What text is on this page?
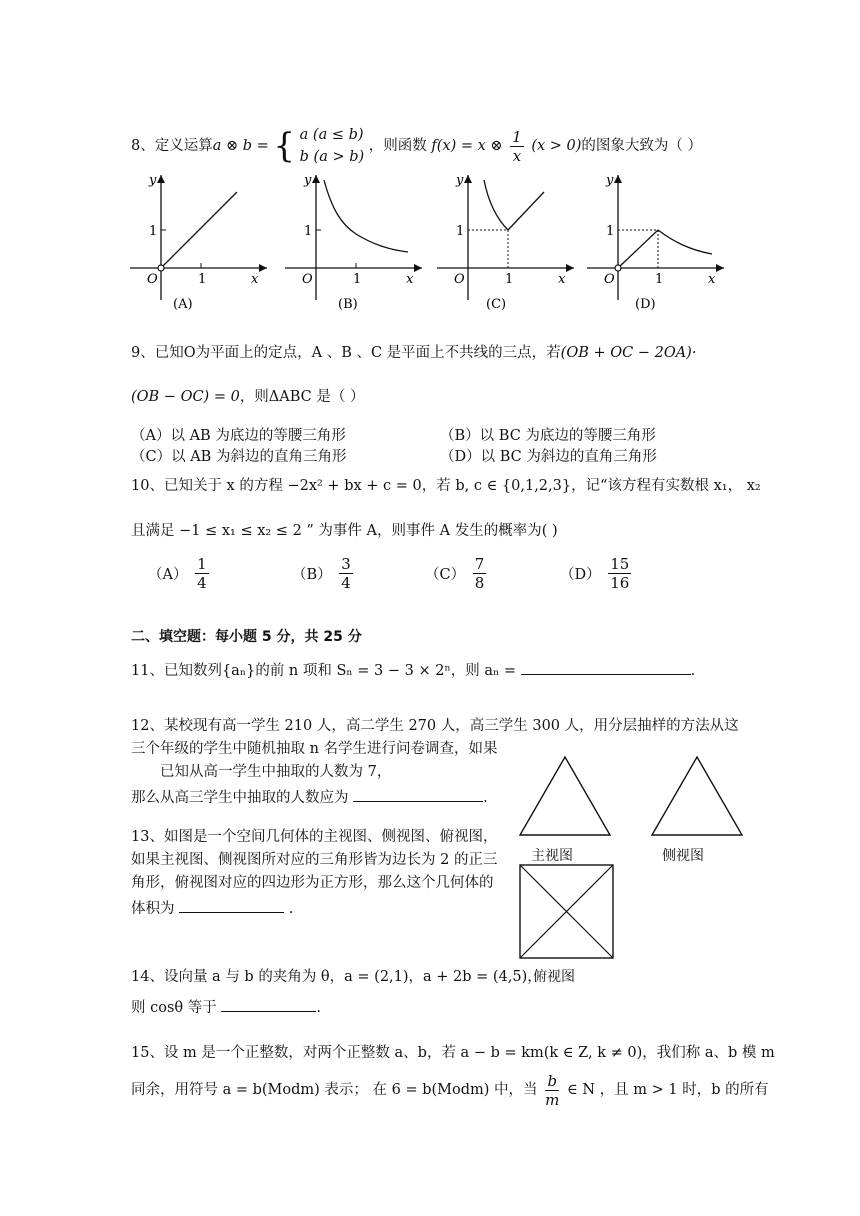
8、定义运算a ⊗ b = { a (a ≤ b)
b (a > b)
，则函数 f(x) = x ⊗ $\frac{1}{x} (x > 0)$的图象大致为（ ）
y
x
O	1
1
(A)
y
x
O	1
1
(B)
y
x
O	1
1
(C)
y
x
O	1
1
(D)
9、已知O为平面上的定点，A 、B 、C 是平面上不共线的三点，若(OB + OC − 2OA)·
(OB − OC) = 0，则ΔABC 是（ ）
（A）以 AB 为底边的等腰三角形	（B）以 BC 为底边的等腰三角形
（C）以 AB 为斜边的直角三角形	（D）以 BC 为斜边的直角三角形
10、已知关于 x 的方程 −2x² + bx + c = 0，若 b, c ∈ {0,1,2,3}，记“该方程有实数根 x₁， x₂
且满足 −1 ≤ x₁ ≤ x₂ ≤ 2 ” 为事件 A，则事件 A 发生的概率为( )
$(A) \frac{1}{4}$	$(B) \frac{3}{4}$	$(C) \frac{7}{8}$	$(D) \frac{15}{16}$
二、填空题：每小题 5 分，共 25 分
11、已知数列{aₙ}的前 n 项和 Sₙ = 3 − 3 × 2ⁿ，则 aₙ =	.
12、某校现有高一学生 210 人，高二学生 270 人，高三学生 300 人，用分层抽样的方法从这
三个年级的学生中随机抽取 n 名学生进行问卷调查，如果
已知从高一学生中抽取的人数为 7，
那么从高三学生中抽取的人数应为	.
13、如图是一个空间几何体的主视图、侧视图、俯视图，
如果主视图、侧视图所对应的三角形皆为边长为 2 的正三
角形，俯视图对应的四边形为正方形，那么这个几何体的
体积为	.
主视图	侧视图
俯视图
14、设向量 a 与 b 的夹角为 θ，a = (2,1)，a + 2b = (4,5)，
则 cosθ 等于	.
15、设 m 是一个正整数，对两个正整数 a、b，若 a − b = km(k ∈ Z, k ≠ 0)，我们称 a、b 模 m
同余，用符号 a = b(Modm) 表示； 在 6 = b(Modm) 中，当 $\frac{b}{m}$ ∈ N ，且 m > 1 时，b 的所有
